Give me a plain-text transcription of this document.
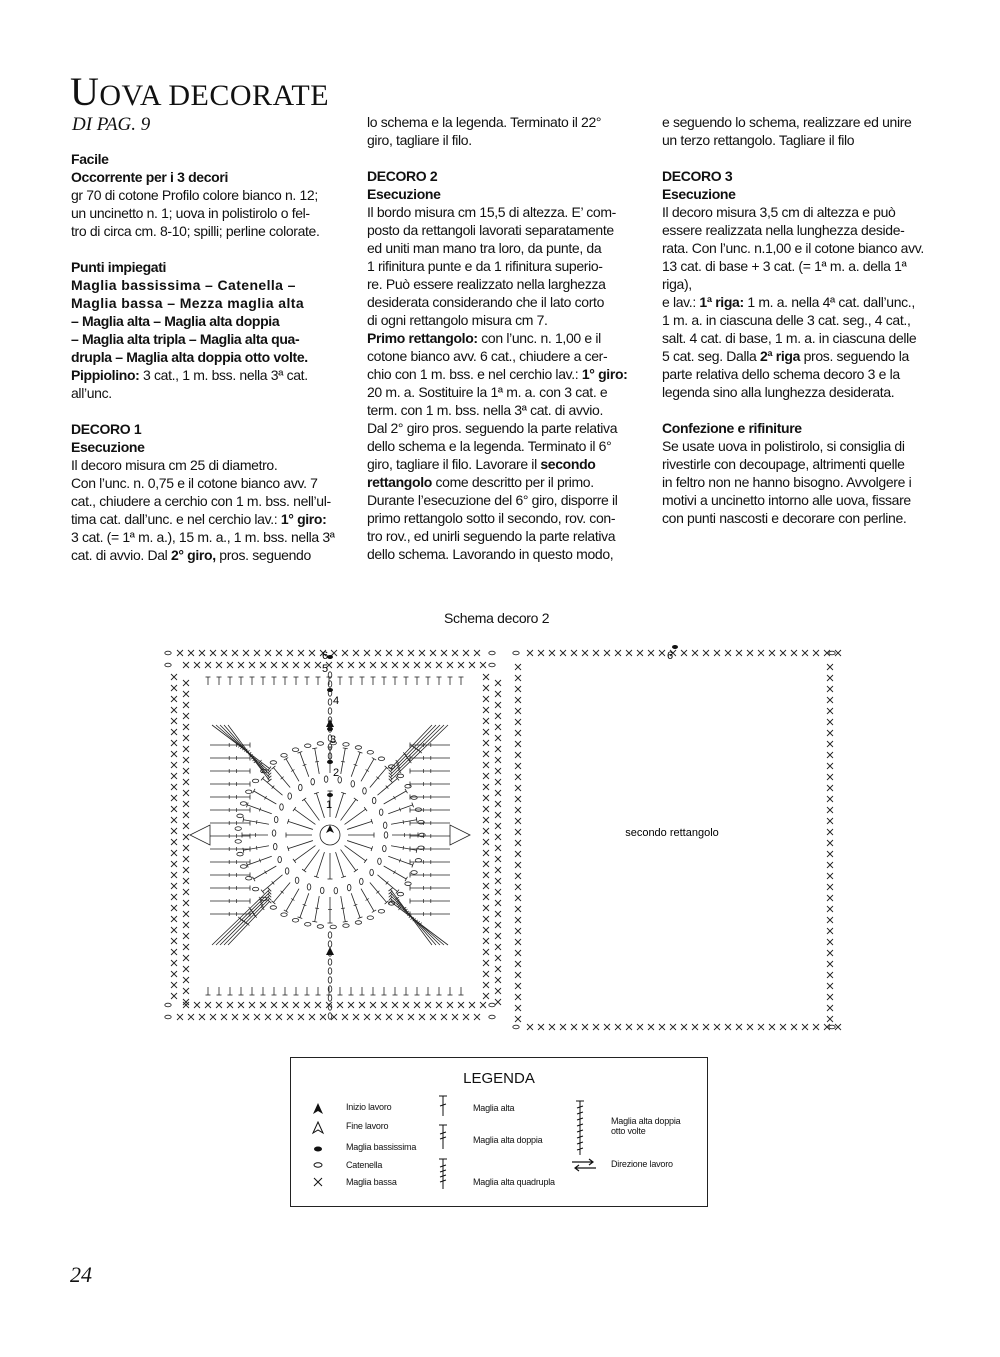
UOVA DECORATE
DI PAG. 9

Facile

Occorrente per i 3 decori

gr 70 di cotone Profilo colore bianco n. 12;

un uncinetto n. 1; uova in polistirolo o fel-

tro di circa cm. 8-10; spilli; perline colorate.

Punti impiegati

Maglia bassissima – Catenella –

Maglia bassa – Mezza maglia alta

– Maglia alta – Maglia alta doppia

– Maglia alta tripla – Maglia alta qua-

drupla – Maglia alta doppia otto volte.

Pippiolino: 3 cat., 1 m. bss. nella 3ª cat.

all’unc.

DECORO 1

Esecuzione

Il decoro misura cm 25 di diametro.

Con l’unc. n. 0,75 e il cotone bianco avv. 7

cat., chiudere a cerchio con 1 m. bss. nell’ul-

tima cat. dall’unc. e nel cerchio lav.: 1° giro:

3 cat. (= 1ª m. a.), 15 m. a., 1 m. bss. nella 3ª

cat. di avvio. Dal 2° giro, pros. seguendo

lo schema e la legenda. Terminato il 22°

giro, tagliare il filo.

DECORO 2

Esecuzione

Il bordo misura cm 15,5 di altezza. E’ com-

posto da rettangoli lavorati separatamente

ed uniti man mano tra loro, da punte, da

1 rifinitura punte e da 1 rifinitura superio-

re. Può essere realizzato nella larghezza

desiderata considerando che il lato corto

di ogni rettangolo misura cm 7.

Primo rettangolo: con l’unc. n. 1,00 e il

cotone bianco avv. 6 cat., chiudere a cer-

chio con 1 m. bss. e nel cerchio lav.: 1° giro:

20 m. a. Sostituire la 1ª m. a. con 3 cat. e

term. con 1 m. bss. nella 3ª cat. di avvio.

Dal 2° giro pros. seguendo la parte relativa

dello schema e la legenda. Terminato il 6°

giro, tagliare il filo. Lavorare il secondo

rettangolo come descritto per il primo.

Durante l’esecuzione del 6° giro, disporre il

primo rettangolo sotto il secondo, rov. con-

tro rov., ed unirli seguendo la parte relativa

dello schema. Lavorando in questo modo,

e seguendo lo schema, realizzare ed unire

un terzo rettangolo. Tagliare il filo

DECORO 3

Esecuzione

Il decoro misura 3,5 cm di altezza e può

essere realizzata nella lunghezza deside-

rata. Con l’unc. n.1,00 e il cotone bianco avv.

13 cat. di base + 3 cat. (= 1ª m. a. della 1ª riga),

e lav.: 1ª riga: 1 m. a. nella 4ª cat. dall’unc.,

1 m. a. in ciascuna delle 3 cat. seg., 4 cat.,

salt. 4 cat. di base, 1 m. a. in ciascuna delle

5 cat. seg. Dalla 2ª riga pros. seguendo la

parte relativa dello schema decoro 3 e la

legenda sino alla lunghezza desiderata.

Confezione e rifiniture

Se usate uova in polistirolo, si consiglia di

rivestirle con decoupage, altrimenti quelle

in feltro non ne hanno bisogno. Avvolgere i

motivi a uncinetto intorno alle uova, fissare

con punti nascosti e decorare con perline.

Schema decoro 2
secondo rettangolo
1
2
3
4
5
6	6
LEGENDA
Inizio lavoro
Fine lavoro
Maglia bassissima
Catenella
Maglia bassa
Maglia alta
Maglia alta doppia
Maglia alta quadrupla
Maglia alta doppia otto volte
Direzione lavoro
24
